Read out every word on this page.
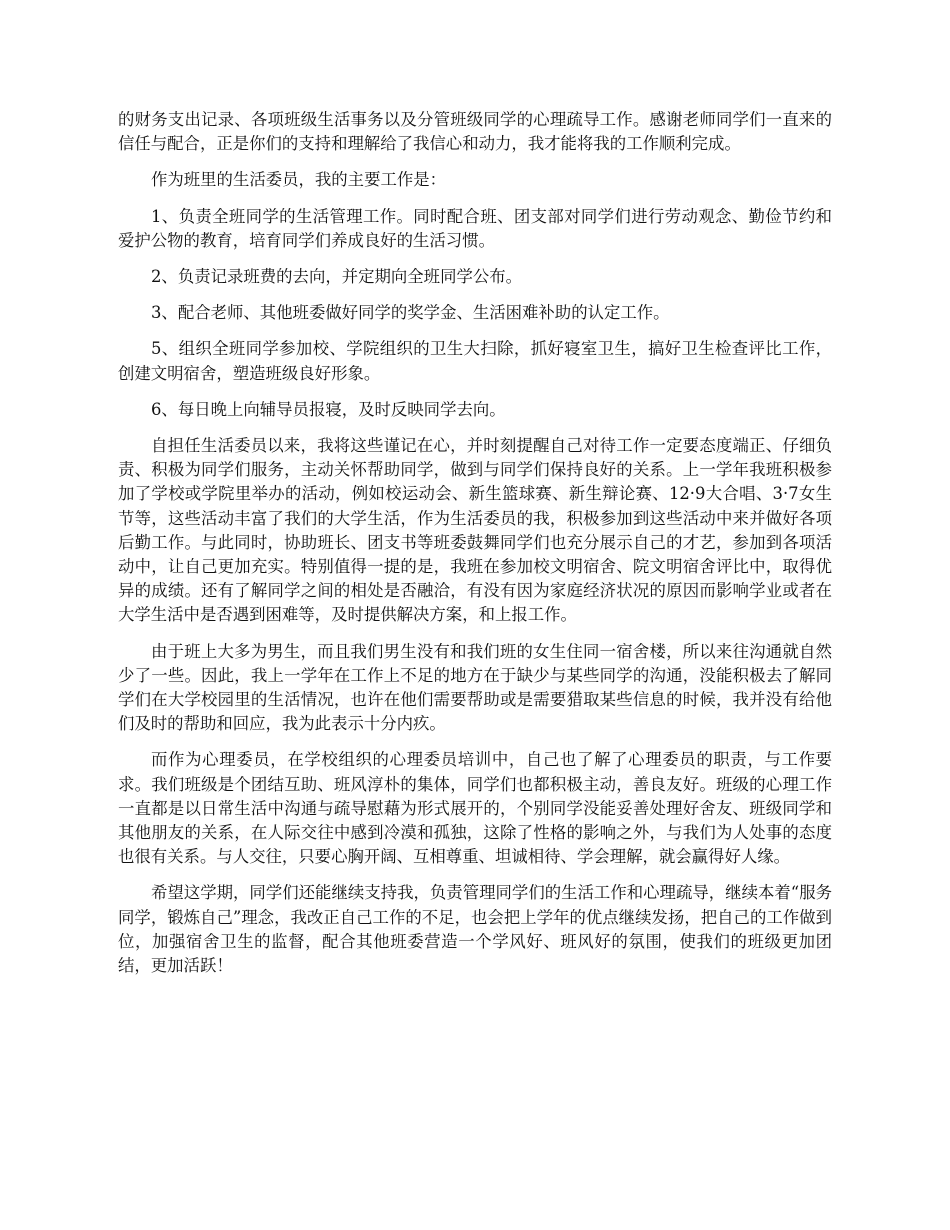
的财务支出记录、各项班级生活事务以及分管班级同学的心理疏导工作。感谢老师同学们一直来的信任与配合，正是你们的支持和理解给了我信心和动力，我才能将我的工作顺利完成。

作为班里的生活委员，我的主要工作是：

1、负责全班同学的生活管理工作。同时配合班、团支部对同学们进行劳动观念、勤俭节约和爱护公物的教育，培育同学们养成良好的生活习惯。

2、负责记录班费的去向，并定期向全班同学公布。

3、配合老师、其他班委做好同学的奖学金、生活困难补助的认定工作。

5、组织全班同学参加校、学院组织的卫生大扫除，抓好寝室卫生，搞好卫生检查评比工作，创建文明宿舍，塑造班级良好形象。

6、每日晚上向辅导员报寝，及时反映同学去向。

自担任生活委员以来，我将这些谨记在心，并时刻提醒自己对待工作一定要态度端正、仔细负责、积极为同学们服务，主动关怀帮助同学，做到与同学们保持良好的关系。上一学年我班积极参加了学校或学院里举办的活动，例如校运动会、新生篮球赛、新生辩论赛、12·9大合唱、3·7女生节等，这些活动丰富了我们的大学生活，作为生活委员的我，积极参加到这些活动中来并做好各项后勤工作。与此同时，协助班长、团支书等班委鼓舞同学们也充分展示自己的才艺，参加到各项活动中，让自己更加充实。特别值得一提的是，我班在参加校文明宿舍、院文明宿舍评比中，取得优异的成绩。还有了解同学之间的相处是否融洽，有没有因为家庭经济状况的原因而影响学业或者在大学生活中是否遇到困难等，及时提供解决方案，和上报工作。

由于班上大多为男生，而且我们男生没有和我们班的女生住同一宿舍楼，所以来往沟通就自然少了一些。因此，我上一学年在工作上不足的地方在于缺少与某些同学的沟通，没能积极去了解同学们在大学校园里的生活情况，也许在他们需要帮助或是需要猎取某些信息的时候，我并没有给他们及时的帮助和回应，我为此表示十分内疚。

而作为心理委员，在学校组织的心理委员培训中，自己也了解了心理委员的职责，与工作要求。我们班级是个团结互助、班风淳朴的集体，同学们也都积极主动，善良友好。班级的心理工作一直都是以日常生活中沟通与疏导慰藉为形式展开的，个别同学没能妥善处理好舍友、班级同学和其他朋友的关系，在人际交往中感到冷漠和孤独，这除了性格的影响之外，与我们为人处事的态度也很有关系。与人交往，只要心胸开阔、互相尊重、坦诚相待、学会理解，就会赢得好人缘。

希望这学期，同学们还能继续支持我，负责管理同学们的生活工作和心理疏导，继续本着“服务同学，锻炼自己”理念，我改正自己工作的不足，也会把上学年的优点继续发扬，把自己的工作做到位，加强宿舍卫生的监督，配合其他班委营造一个学风好、班风好的氛围，使我们的班级更加团结，更加活跃！
